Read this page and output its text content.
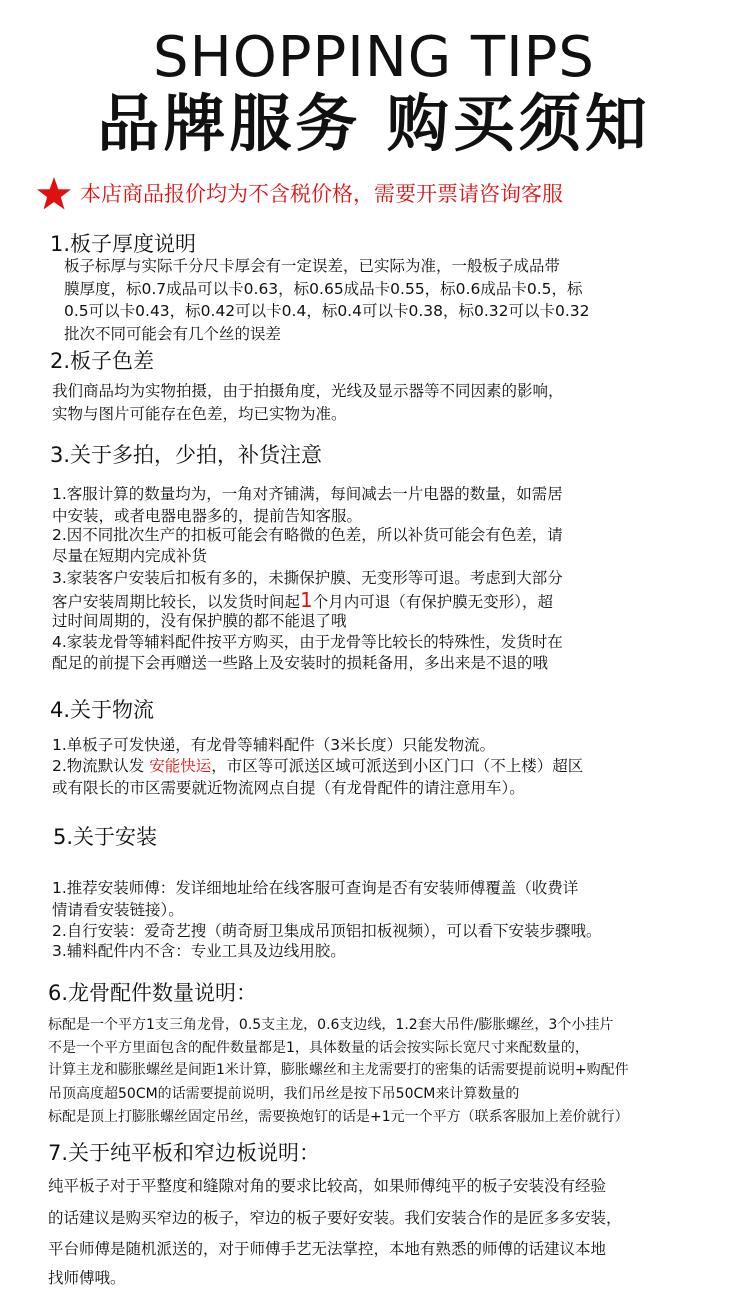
SHOPPING TIPS
品牌服务 购买须知
本店商品报价均为不含税价格，需要开票请咨询客服
1.板子厚度说明
板子标厚与实际千分尺卡厚会有一定误差，已实际为准，一般板子成品带
膜厚度，标0.7成品可以卡0.63，标0.65成品卡0.55，标0.6成品卡0.5，标
0.5可以卡0.43，标0.42可以卡0.4，标0.4可以卡0.38，标0.32可以卡0.32
批次不同可能会有几个丝的误差
2.板子色差
我们商品均为实物拍摄，由于拍摄角度，光线及显示器等不同因素的影响，
实物与图片可能存在色差，均已实物为准。
3.关于多拍，少拍，补货注意
1.客服计算的数量均为，一角对齐铺满，每间减去一片电器的数量，如需居
中安装，或者电器电器多的，提前告知客服。
2.因不同批次生产的扣板可能会有略微的色差，所以补货可能会有色差，请
尽量在短期内完成补货
3.家装客户安装后扣板有多的，未撕保护膜、无变形等可退。考虑到大部分
客户安装周期比较长，以发货时间起1个月内可退（有保护膜无变形），超
过时间周期的，没有保护膜的都不能退了哦
4.家装龙骨等辅料配件按平方购买，由于龙骨等比较长的特殊性，发货时在
配足的前提下会再赠送一些路上及安装时的损耗备用，多出来是不退的哦
4.关于物流
1.单板子可发快递，有龙骨等辅料配件（3米长度）只能发物流。
2.物流默认发 安能快运，市区等可派送区域可派送到小区门口（不上楼）超区
或有限长的市区需要就近物流网点自提（有龙骨配件的请注意用车）。
5.关于安装
1.推荐安装师傅：发详细地址给在线客服可查询是否有安装师傅覆盖（收费详
情请看安装链接）。
2.自行安装：爱奇艺搜（萌奇厨卫集成吊顶铝扣板视频），可以看下安装步骤哦。
3.辅料配件内不含：专业工具及边线用胶。
6.龙骨配件数量说明：
标配是一个平方1支三角龙骨，0.5支主龙，0.6支边线，1.2套大吊件/膨胀螺丝，3个小挂片
不是一个平方里面包含的配件数量都是1，具体数量的话会按实际长宽尺寸来配数量的，
计算主龙和膨胀螺丝是间距1米计算，膨胀螺丝和主龙需要打的密集的话需要提前说明+购配件
吊顶高度超50CM的话需要提前说明，我们吊丝是按下吊50CM来计算数量的
标配是顶上打膨胀螺丝固定吊丝，需要换炮钉的话是+1元一个平方（联系客服加上差价就行）
7.关于纯平板和窄边板说明：
纯平板子对于平整度和缝隙对角的要求比较高，如果师傅纯平的板子安装没有经验
的话建议是购买窄边的板子，窄边的板子要好安装。我们安装合作的是匠多多安装，
平台师傅是随机派送的，对于师傅手艺无法掌控，本地有熟悉的师傅的话建议本地
找师傅哦。
